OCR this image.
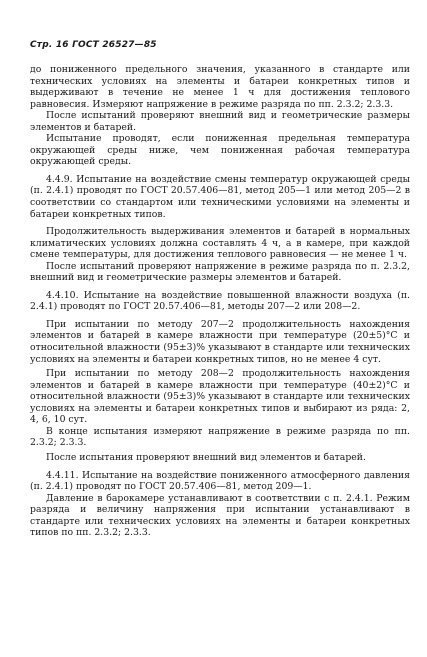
Стр. 16 ГОСТ 26527—85

до пониженного предельного значения, указанного в стандарте или технических условиях на элементы и батареи конкретных типов и выдерживают в течение не менее 1 ч для достижения теплового равновесия. Измеряют напряжение в режиме разряда по пп. 2.3.2; 2.3.3.

После испытаний проверяют внешний вид и геометрические размеры элементов и батарей.

Испытание проводят, если пониженная предельная температура окружающей среды ниже, чем пониженная рабочая температура окружающей среды.

4.4.9. Испытание на воздействие смены температур окружающей среды (п. 2.4.1) проводят по ГОСТ 20.57.406—81, метод 205—1 или метод 205—2 в соответствии со стандартом или техническими условиями на элементы и батареи конкретных типов.

Продолжительность выдерживания элементов и батарей в нормальных климатических условиях должна составлять 4 ч, а в камере, при каждой смене температуры, для достижения теплового равновесия — не менее 1 ч.

После испытаний проверяют напряжение в режиме разряда по п. 2.3.2, внешний вид и геометрические размеры элементов и батарей.

4.4.10. Испытание на воздействие повышенной влажности воздуха (п. 2.4.1) проводят по ГОСТ 20.57.406—81, методы 207—2 или 208—2.

При испытании по методу 207—2 продолжительность нахождения элементов и батарей в камере влажности при температуре (20±5)°С и относительной влажности (95±3)% указывают в стандарте или технических условиях на элементы и батареи конкретных типов, но не менее 4 сут.

При испытании по методу 208—2 продолжительность нахождения элементов и батарей в камере влажности при температуре (40±2)°С и относительной влажности (95±3)% указывают в стандарте или технических условиях на элементы и батареи конкретных типов и выбирают из ряда: 2, 4, 6, 10 сут.

В конце испытания измеряют напряжение в режиме разряда по пп. 2.3.2; 2.3.3.

После испытания проверяют внешний вид элементов и батарей.

4.4.11. Испытание на воздействие пониженного атмосферного давления (п. 2.4.1) проводят по ГОСТ 20.57.406—81, метод 209—1.

Давление в барокамере устанавливают в соответствии с п. 2.4.1. Режим разряда и величину напряжения при испытании устанавливают в стандарте или технических условиях на элементы и батареи конкретных типов по пп. 2.3.2; 2.3.3.
